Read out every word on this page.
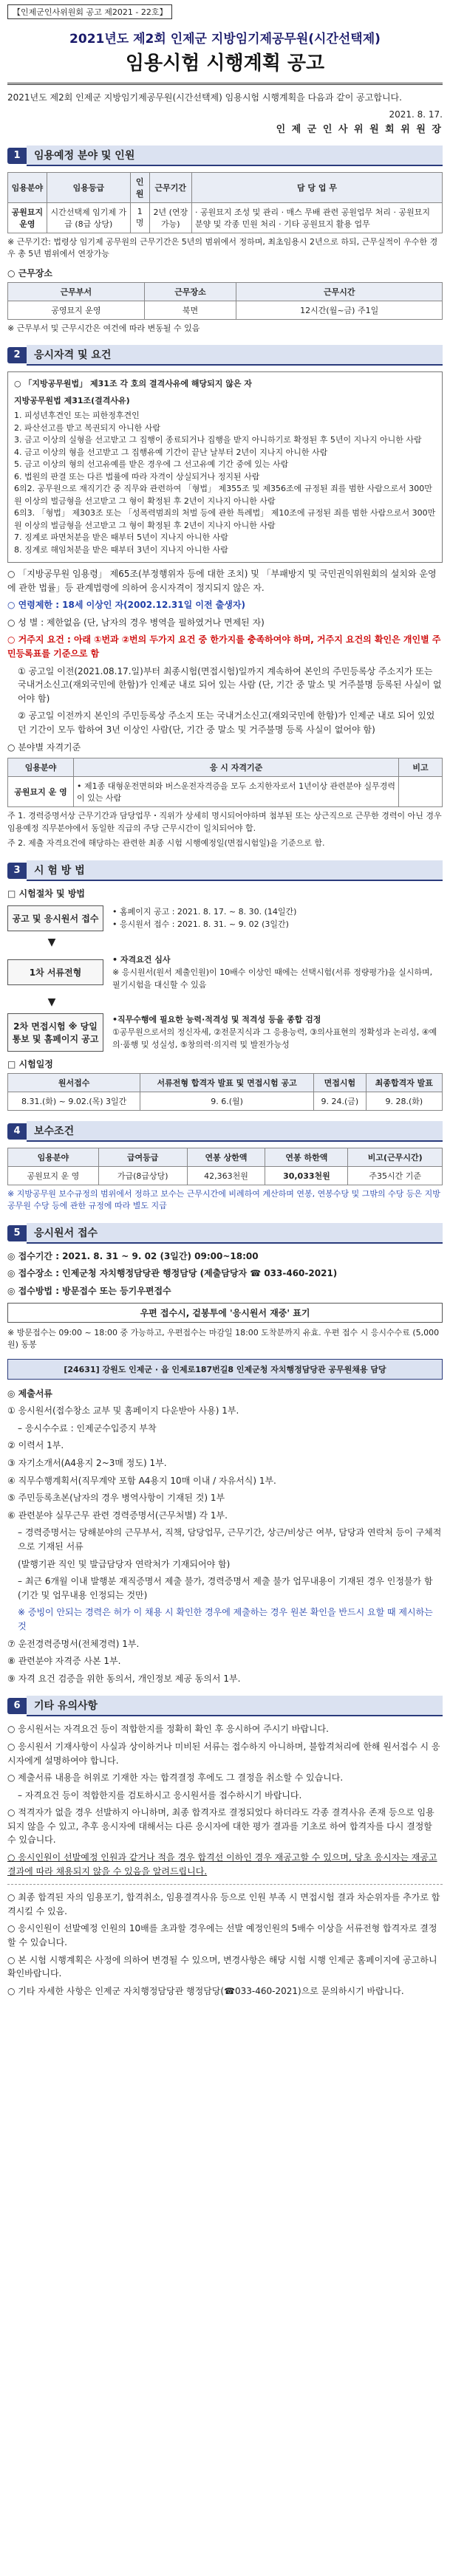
【인제군인사위원회 공고 제2021 - 22호】
2021년도 제2회 인제군 지방임기제공무원(시간선택제)
임용시험 시행계획 공고

2021년도 제2회 인제군 지방임기제공무원(시간선택제) 임용시험 시행계획을 다음과 같이 공고합니다.

2021. 8. 17.
인 제 군 인 사 위 원 회 위 원 장
1	임용예정 분야 및 인원
임용분야	임용등급	인원	근무기간	담 당 업 무
공원묘지 운영	시간선택제 임기제 가급 (8급 상당)	1명	2년 (연장가능)	· 공원묘지 조성 및 관리 · 매스 무배 관련 공원업무 처리 · 공원묘지 분양 및 각종 민원 처리 · 기타 공원묘지 활용 업무
※ 근무기간: 법령상 임기제 공무원의 근무기간은 5년의 범위에서 정하며, 최초임용시 2년으로 하되, 근무실적이 우수한 경우 총 5년 범위에서 연장가능
○ 근무장소
근무부서	근무장소	근무시간
공영묘지 운영	북면	12시간(월~금) 주1일
※ 근무부서 및 근무시간은 여건에 따라 변동될 수 있음
2	응시자격 및 요건
○ 「지방공무원법」 제31조 각 호의 결격사유에 해당되지 않은 자
지방공무원법 제31조(결격사유)
1. 피성년후견인 또는 피한정후견인
2. 파산선고를 받고 복권되지 아니한 사람
3. 금고 이상의 실형을 선고받고 그 집행이 종료되거나 집행을 받지 아니하기로 확정된 후 5년이 지나지 아니한 사람
4. 금고 이상의 형을 선고받고 그 집행유예 기간이 끝난 날부터 2년이 지나지 아니한 사람
5. 금고 이상의 형의 선고유예를 받은 경우에 그 선고유예 기간 중에 있는 사람
6. 법원의 판결 또는 다른 법률에 따라 자격이 상실되거나 정지된 사람
6의2. 공무원으로 재직기간 중 직무와 관련하여 「형법」 제355조 및 제356조에 규정된 죄를 범한 사람으로서 300만원 이상의 벌금형을 선고받고 그 형이 확정된 후 2년이 지나지 아니한 사람
6의3. 「형법」 제303조 또는 「성폭력범죄의 처벌 등에 관한 특례법」 제10조에 규정된 죄를 범한 사람으로서 300만원 이상의 벌금형을 선고받고 그 형이 확정된 후 2년이 지나지 아니한 사람
7. 징계로 파면처분을 받은 때부터 5년이 지나지 아니한 사람
8. 징계로 해임처분을 받은 때부터 3년이 지나지 아니한 사람
○ 「지방공무원 임용령」 제65조(부정행위자 등에 대한 조치) 및 「부패방지 및 국민권익위원회의 설치와 운영에 관한 법률」등 관계법령에 의하여 응시자격이 정지되지 않은 자.
○ 연령제한 : 18세 이상인 자(2002.12.31일 이전 출생자)
○ 성 별 : 제한없음 (단, 남자의 경우 병역을 필하였거나 면제된 자)
○ 거주지 요건 : 아래 ①번과 ②번의 두가지 요건 중 한가지를 충족하여야 하며, 거주지 요건의 확인은 개인별 주민등록표를 기준으로 함
① 공고일 이전(2021.08.17.일)부터 최종시험(면접시험)일까지 계속하여 본인의 주민등록상 주소지가 또는 국내거소신고(재외국민에 한함)가 인제군 내로 되어 있는 사람 (단, 기간 중 말소 및 거주불명 등록된 사실이 없어야 함)
② 공고일 이전까지 본인의 주민등록상 주소지 또는 국내거소신고(재외국민에 한함)가 인제군 내로 되어 있었던 기간이 모두 합하여 3년 이상인 사람(단, 기간 중 말소 및 거주불명 등록 사실이 없어야 함)
○ 분야별 자격기준
임용분야	응 시 자격기준	비고
공원묘지 운 영	• 제1종 대형운전면허와 버스운전자격증을 모두 소지한자로서 1년이상 관련분야 실무경력이 있는 사람	
주 1. 경력증명서상 근무기간과 담당업무・직위가 상세히 명시되어야하며 첨부된 또는 상근직으로 근무한 경력이 아닌 경우 임용예정 직무분야에서 동일한 직급의 주당 근무시간이 일치되어야 합.
주 2. 제출 자격요건에 해당하는 관련한 최종 시험 시행예정일(면접시험일)을 기준으로 함.
3	시 험 방 법
□ 시험절차 및 방법
공고 및 응시원서 접수
• 홈페이지 공고 : 2021. 8. 17. ~ 8. 30. (14일간)
• 응시원서 접수 : 2021. 8. 31. ~ 9. 02 (3일간)
▼
1차 서류전형
• 자격요건 심사
※ 응시원서(원서 제출인원)이 10배수 이상인 때에는 선택시험(서류 정량평가)을 실시하며, 필기시험을 대신할 수 있음
▼
2차 면접시험 ※ 당일 통보 및 홈페이지 공고
•직무수행에 필요한 능력·적격성 및 적격성 등을 종합 검정
①공무원으로서의 정신자세, ②전문지식과 그 응용능력, ③의사표현의 정확성과 논리성, ④예의·품행 및 성실성, ⑤창의력·의지력 및 발전가능성
□ 시험일정
원서접수	서류전형 합격자 발표 및 면접시험 공고	면접시험	최종합격자 발표
8.31.(화) ~ 9.02.(목) 3일간	9. 6.(월)	9. 24.(금)	9. 28.(화)
4	보수조건
임용분야	급여등급	연봉 상한액	연봉 하한액	비고(근무시간)
공원묘지 운 영	가급(8급상당)	42,363천원	30,033천원	주35시간 기준
※ 지방공무원 보수규정의 범위에서 정하고 보수는 근무시간에 비례하여 계산하며 연봉, 연봉수당 및 그밖의 수당 등은 지방공무원 수당 등에 관한 규정에 따라 별도 지급
5	응시원서 접수
◎ 접수기간 : 2021. 8. 31 ~ 9. 02 (3일간) 09:00~18:00
◎ 접수장소 : 인제군청 자치행정담당관 행정담당 (제출담당자 ☎ 033-460-2021)
◎ 접수방법 : 방문접수 또는 등기우편접수
우편 접수시, 겉봉투에 '응시원서 재중' 표기
※ 방문접수는 09:00 ~ 18:00 중 가능하고, 우편접수는 마감일 18:00 도착분까지 유효. 우편 접수 시 응시수수료 (5,000원) 동봉
[24631] 강원도 인제군 · 읍 인제로187번길8 인제군청 자치행정담당관 공무원채용 담당
◎ 제출서류
① 응시원서(접수창소 교부 및 홈페이지 다운받아 사용) 1부.
– 응시수수료 : 인제군수입증지 부착
② 이력서 1부.
③ 자기소개서(A4용지 2~3매 정도) 1부.
④ 직무수행계획서(직무계약 포함 A4용지 10매 이내 / 자유서식) 1부.
⑤ 주민등록초본(남자의 경우 병역사항이 기재된 것) 1부
⑥ 관련분야 실무근무 관련 경력증명서(근무처별) 각 1부.
– 경력증명서는 당해분야의 근무부서, 직책, 담당업무, 근무기간, 상근/비상근 여부, 담당과 연락처 등이 구체적으로 기재된 서류
(발행기관 직인 및 발급담당자 연락처가 기재되어야 함)
– 최근 6개월 이내 발행분 재직증명서 제출 불가, 경력증명서 제출 불가 업무내용이 기재된 경우 인정불가 함(기간 및 업무내용 인정되는 것만)
※ 증빙이 안되는 경력은 허가 이 채용 시 확인한 경우에 제출하는 경우 원본 확인을 반드시 요할 때 제시하는 것
⑦ 운전경력증명서(전체경력) 1부.
⑧ 관련분야 자격증 사본 1부.
⑨ 자격 요건 검증을 위한 동의서, 개인정보 제공 동의서 1부.
6	기타 유의사항
○ 응시원서는 자격요건 등이 적합한지를 정확히 확인 후 응시하여 주시기 바랍니다.
○ 응시원서 기재사항이 사실과 상이하거나 미비된 서류는 접수하지 아니하며, 불합격처리에 한해 원서접수 시 응시자에게 설명하여야 합니다.
○ 제출서류 내용을 허위로 기재한 자는 합격결정 후에도 그 결정을 취소할 수 있습니다.
– 자격요건 등이 적합한지를 검토하시고 응시원서를 접수하시기 바랍니다.
○ 적격자가 없을 경우 선발하지 아니하며, 최종 합격자로 결정되었다 하더라도 각종 결격사유 존재 등으로 임용되지 않을 수 있고, 추후 응시자에 대해서는 다른 응시자에 대한 평가 결과를 기초로 하여 합격자를 다시 결정할 수 있습니다.
○ 응시인원이 선발예정 인원과 같거나 적을 경우 합격선 이하인 경우 재공고할 수 있으며, 당초 응시자는 재공고 결과에 따라 채용되지 않을 수 있음을 알려드립니다.
○ 최종 합격된 자의 임용포기, 합격취소, 임용결격사유 등으로 인원 부족 시 면접시험 결과 차순위자를 추가로 합격시킬 수 있음.
○ 응시인원이 선발예정 인원의 10배를 초과할 경우에는 선발 예정인원의 5배수 이상을 서류전형 합격자로 결정할 수 있습니다.
○ 본 시험 시행계획은 사정에 의하여 변경될 수 있으며, 변경사항은 해당 시험 시행 인제군 홈페이지에 공고하니 확인바랍니다.
○ 기타 자세한 사항은 인제군 자치행정담당관 행정담당(☎033-460-2021)으로 문의하시기 바랍니다.
